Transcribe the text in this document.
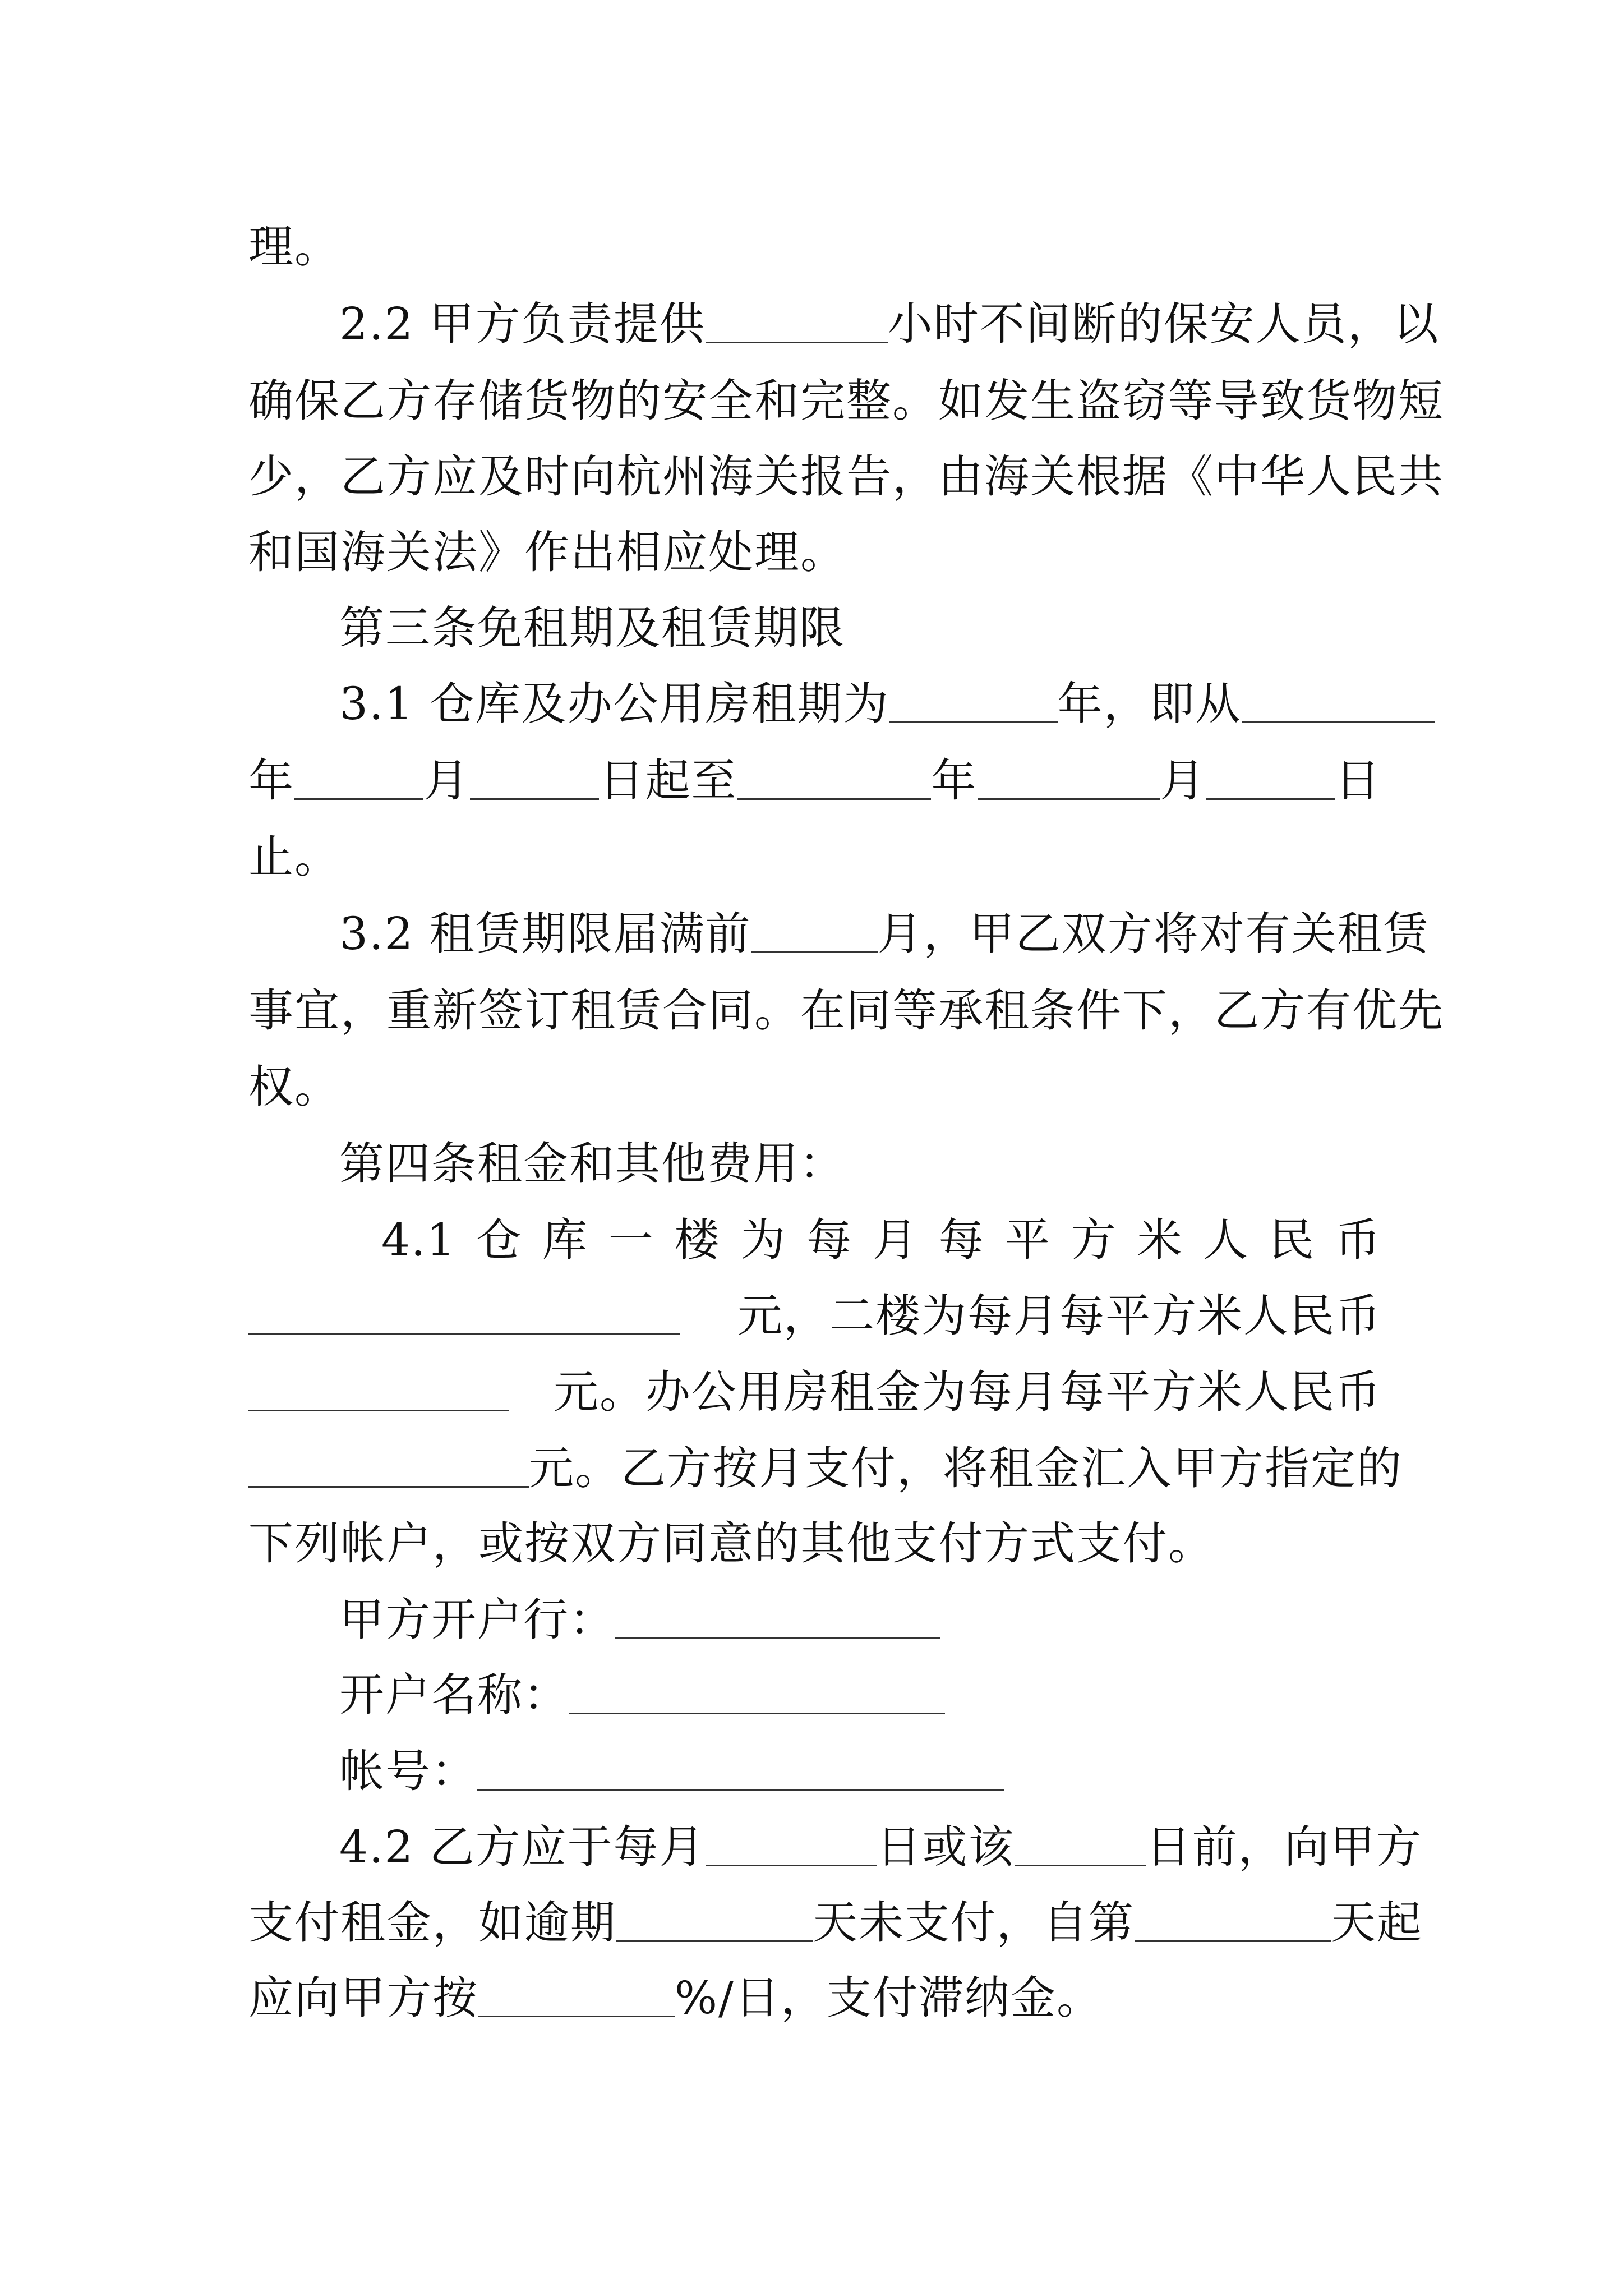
理。
2.2 甲方负责提供	小时不间断的保安人员，以
确保乙方存储货物的安全和完整。如发生盗窃等导致货物短
少，乙方应及时向杭州海关报告，由海关根据《中华人民共
和国海关法》作出相应处理。
第三条免租期及租赁期限
3.1 仓库及办公用房租期为	年，即从
年	月	日起至	年	月	日
止。
3.2 租赁期限届满前	月，甲乙双方将对有关租赁
事宜，重新签订租赁合同。在同等承租条件下，乙方有优先
权。
第四条租金和其他费用：
4.1 仓 库 一 楼 为 每 月 每 平 方 米 人 民 币
元，二楼为每月每平方米人民币
元。办公用房租金为每月每平方米人民币
元。乙方按月支付，将租金汇入甲方指定的
下列帐户，或按双方同意的其他支付方式支付。
甲方开户行：
开户名称：
帐号：
4.2 乙方应于每月	日或该	日前，向甲方
支付租金，如逾期	天未支付，自第	天起
应向甲方按	%/日，支付滞纳金。
